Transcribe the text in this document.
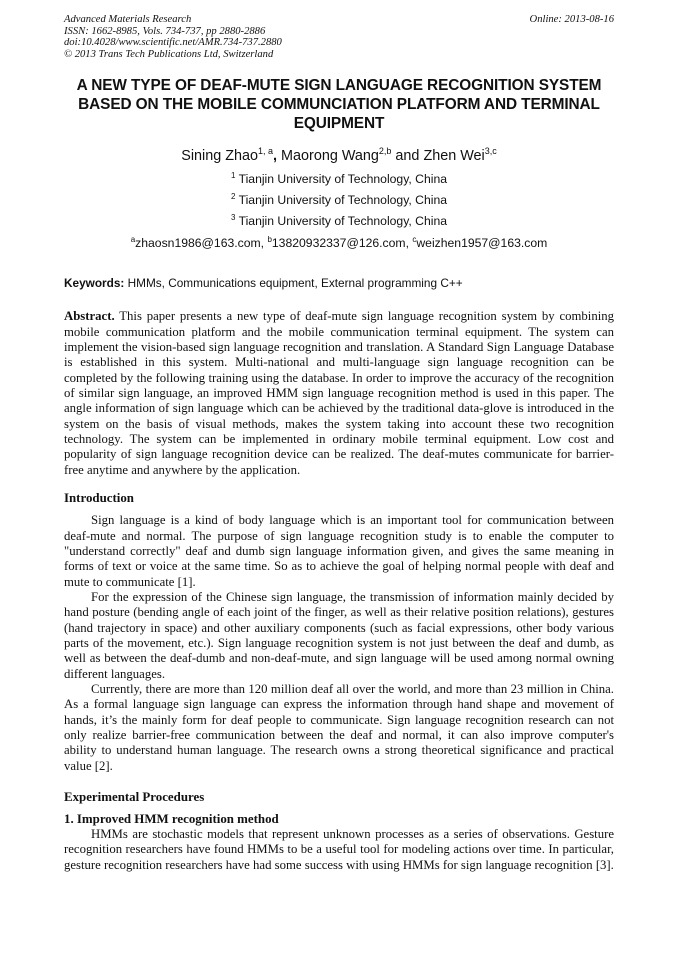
Advanced Materials Research
ISSN: 1662-8985, Vols. 734-737, pp 2880-2886
doi:10.4028/www.scientific.net/AMR.734-737.2880
© 2013 Trans Tech Publications Ltd, Switzerland
Online: 2013-08-16
A NEW TYPE OF DEAF-MUTE SIGN LANGUAGE RECOGNITION SYSTEM
BASED ON THE MOBILE COMMUNCIATION PLATFORM AND TERMINAL
EQUIPMENT
Sining Zhao$^{1, a}$, Maorong Wang$^{2,b}$ and Zhen Wei$^{3,c}$
$^1$ Tianjin University of Technology, China
$^2$ Tianjin University of Technology, China
$^3$ Tianjin University of Technology, China
$^a$zhaosn1986@163.com, $^b$13820932337@126.com, $^c$weizhen1957@163.com
Keywords: HMMs, Communications equipment, External programming C++
Abstract. This paper presents a new type of deaf-mute sign language recognition system by combining mobile communication platform and the mobile communication terminal equipment. The system can implement the vision-based sign language recognition and translation. A Standard Sign Language Database is established in this system. Multi-national and multi-language sign language recognition can be completed by the following training using the database. In order to improve the accuracy of the recognition of similar sign language, an improved HMM sign language recognition method is used in this paper. The angle information of sign language which can be achieved by the traditional data-glove is introduced in the system on the basis of visual methods, makes the system taking into account these two recognition technology. The system can be implemented in ordinary mobile terminal equipment. Low cost and popularity of sign language recognition device can be realized. The deaf-mutes communicate for barrier-free anytime and anywhere by the application.
Introduction
Sign language is a kind of body language which is an important tool for communication between deaf-mute and normal. The purpose of sign language recognition study is to enable the computer to "understand correctly" deaf and dumb sign language information given, and gives the same meaning in forms of text or voice at the same time. So as to achieve the goal of helping normal people with deaf and mute to communicate [1].
For the expression of the Chinese sign language, the transmission of information mainly decided by hand posture (bending angle of each joint of the finger, as well as their relative position relations), gestures (hand trajectory in space) and other auxiliary components (such as facial expressions, other body various parts of the movement, etc.). Sign language recognition system is not just between the deaf and dumb, as well as between the deaf-dumb and non-deaf-mute, and sign language will be used among normal owning different languages.
Currently, there are more than 120 million deaf all over the world, and more than 23 million in China. As a formal language sign language can express the information through hand shape and movement of hands, it’s the mainly form for deaf people to communicate. Sign language recognition research can not only realize barrier-free communication between the deaf and normal, it can also improve computer's ability to understand human language. The research owns a strong theoretical significance and practical value [2].
Experimental Procedures
1. Improved HMM recognition method
HMMs are stochastic models that represent unknown processes as a series of observations. Gesture recognition researchers have found HMMs to be a useful tool for modeling actions over time. In particular, gesture recognition researchers have had some success with using HMMs for sign language recognition [3].
